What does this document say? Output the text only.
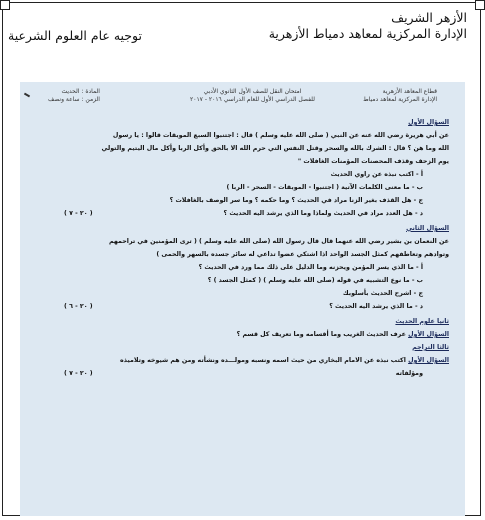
الأزهر الشريف
الإدارة المركزية لمعاهد دمياط الأزهرية
توجيه عام العلوم الشرعية
قطاع المعاهد الأزهرية
الإدارة المركزية لمعاهد دمياط
امتحان النقل للصف الأول الثانوي الأدبي
للفصل الدراسي الأول للعام الدراسي ٢٠١٦ - ٢٠١٧
المادة : الحديث
الزمن : ساعة ونصف
السؤال الأول
عن أبي هريرة رضي الله عنه عن النبي ( صلى الله عليه وسلم ) قال : اجتنبوا السبع الموبقات قالوا : يا رسول
الله وما هن ؟ قال : الشرك بالله والسحر وقتل النفس التي حرم الله الا بالحق وأكل الربا وأكل مال اليتيم والتولي
يوم الزحف وقذف المحصنات المؤمنات الغافلات "
أ - اكتب نبذه عن راوي الحديث
ب - ما معنى الكلمات الآتية ( اجتنبوا - الموبقات - السحر - الربا )
ج - هل القذف بغير الزنا مراد في الحديث ؟ وما حكمه ؟ وما سر الوصف بالغافلات ؟
د - هل العدد مراد في الحديث ولماذا وما الذي يرشد اليه الحديث ؟
( ٢٠ - ٧ )
السؤال الثاني
عن النعمان بن بشير رضي الله عنهما قال قال رسول الله (صلى الله عليه وسلم ) ( ترى المؤمنين في تراحمهم
وتوادهم وتعاطفهم كمثل الجسد الواحد اذا اشتكي عضوا تداعي له سائر جسده بالسهر والحمى )
أ - ما الذي يسر المؤمن ويحزنه وما الدليل على ذلك مما ورد في الحديث ؟
ب - ما نوع التشبيه في قوله (صلى الله عليه وسلم ) ( كمثل الجسد ) ؟
ج - اشرح الحديث بأسلوبك
د - ما الذي يرشد اليه الحديث ؟
( ٢٠ - ٦ )
ثانيا علوم الحديث
السؤال الأول عرف الحديث الغريب وما أقسامه وما تعريف كل قسم ؟
ثالثا التراجم
السؤال الأول اكتب نبذه عن الامام البخاري من حيث اسمه ونسبه ومولـــده ونشأته ومن هم شيوخه وتلاميذه
ومؤلفاته
( ٢٠ - ٧ )
